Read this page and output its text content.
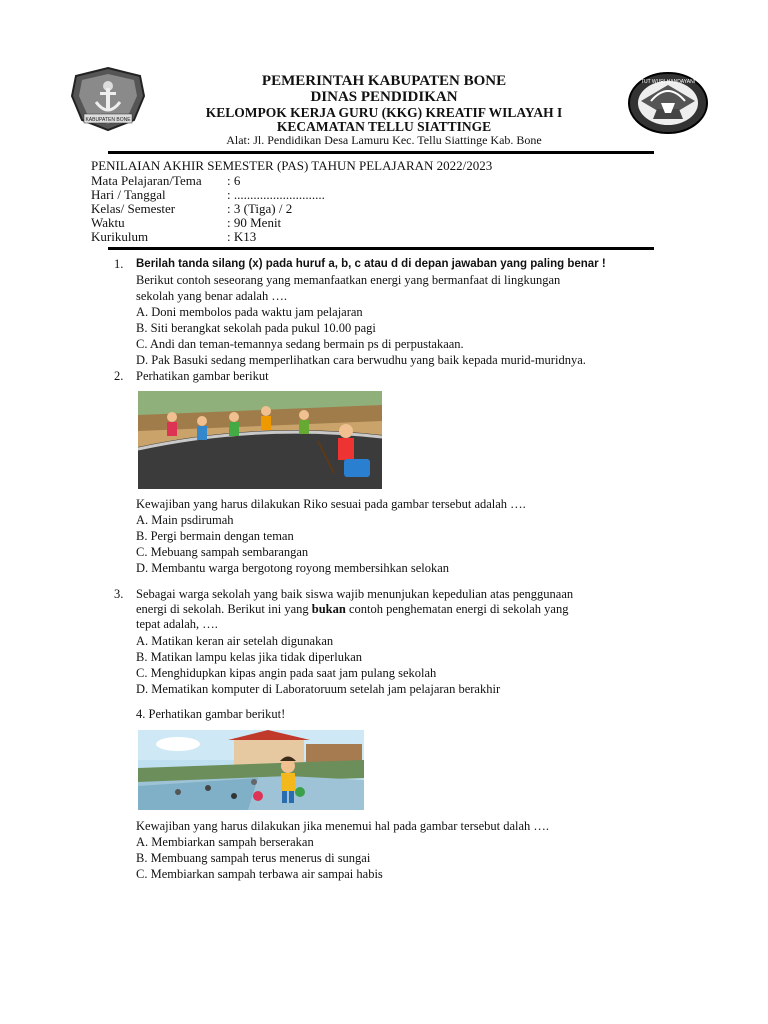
KABUPATEN BONE
TUT WURI HANDAYANI
PEMERINTAH KABUPATEN BONE
DINAS PENDIDIKAN
KELOMPOK KERJA GURU (KKG) KREATIF WILAYAH I
KECAMATAN TELLU SIATTINGE
Alat: Jl. Pendidikan Desa Lamuru Kec. Tellu Siattinge Kab. Bone
PENILAIAN AKHIR SEMESTER (PAS) TAHUN PELAJARAN 2022/2023
Mata Pelajaran/Tema : 6
Hari / Tanggal	: ............................
Kelas/ Semester	: 3 (Tiga) / 2
Waktu	: 90 Menit
Kurikulum	: K13
1. Berilah tanda silang (x) pada huruf a, b, c atau d di depan jawaban yang paling benar !
Berikut contoh seseorang yang memanfaatkan energi yang bermanfaat di lingkungan
sekolah yang benar adalah ….
A. Doni membolos pada waktu jam pelajaran
B. Siti berangkat sekolah pada pukul 10.00 pagi
C. Andi dan teman-temannya sedang bermain ps di perpustakaan.
D. Pak Basuki sedang memperlihatkan cara berwudhu yang baik kepada murid-muridnya.
2. Perhatikan gambar berikut
Kewajiban yang harus dilakukan Riko sesuai pada gambar tersebut adalah ….
A. Main psdirumah
B. Pergi bermain dengan teman
C. Mebuang sampah sembarangan
D. Membantu warga bergotong royong membersihkan selokan
3. Sebagai warga sekolah yang baik siswa wajib menunjukan kepedulian atas penggunaan
energi di sekolah. Berikut ini yang bukan contoh penghematan energi di sekolah yang
tepat adalah, ….
A. Matikan keran air setelah digunakan
B. Matikan lampu kelas jika tidak diperlukan
C. Menghidupkan kipas angin pada saat jam pulang sekolah
D. Mematikan komputer di Laboratoruum setelah jam pelajaran berakhir
4. Perhatikan gambar berikut!
Kewajiban yang harus dilakukan jika menemui hal pada gambar tersebut dalah ….
A. Membiarkan sampah berserakan
B. Membuang sampah terus menerus di sungai
C. Membiarkan sampah terbawa air sampai habis
